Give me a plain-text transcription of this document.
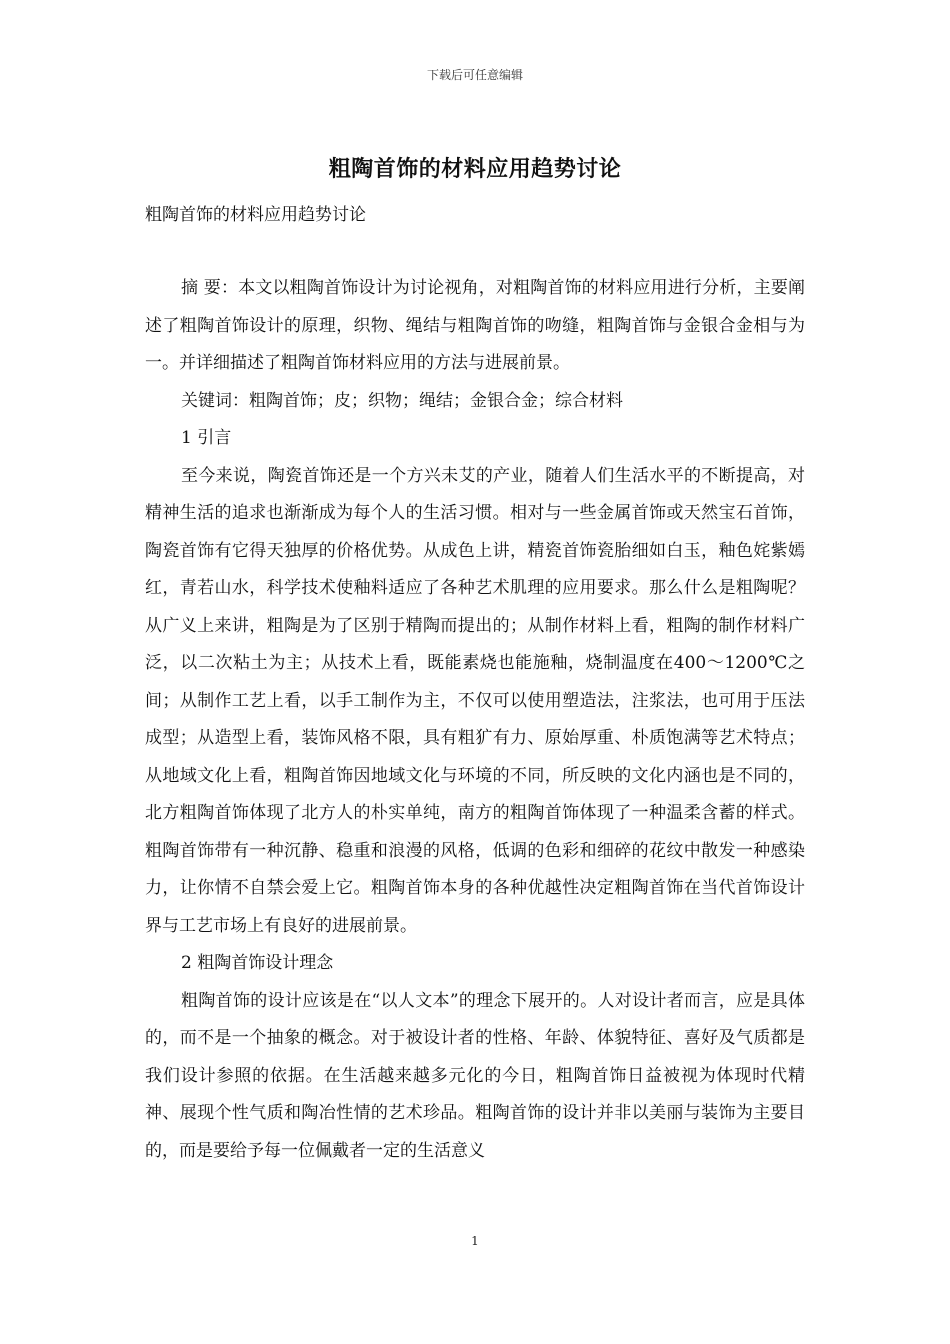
下载后可任意编辑
粗陶首饰的材料应用趋势讨论
粗陶首饰的材料应用趋势讨论

摘 要：本文以粗陶首饰设计为讨论视角，对粗陶首饰的材料应用进行分析，主要阐述了粗陶首饰设计的原理，织物、绳结与粗陶首饰的吻缝，粗陶首饰与金银合金相与为一。并详细描述了粗陶首饰材料应用的方法与进展前景。

关键词：粗陶首饰；皮；织物；绳结；金银合金；综合材料

1 引言

至今来说，陶瓷首饰还是一个方兴未艾的产业，随着人们生活水平的不断提高，对精神生活的追求也渐渐成为每个人的生活习惯。相对与一些金属首饰或天然宝石首饰，陶瓷首饰有它得天独厚的价格优势。从成色上讲，精瓷首饰瓷胎细如白玉，釉色姹紫嫣红，青若山水，科学技术使釉料适应了各种艺术肌理的应用要求。那么什么是粗陶呢？从广义上来讲，粗陶是为了区别于精陶而提出的；从制作材料上看，粗陶的制作材料广泛，以二次粘土为主；从技术上看，既能素烧也能施釉，烧制温度在400～1200℃之间；从制作工艺上看，以手工制作为主，不仅可以使用塑造法，注浆法，也可用于压法成型；从造型上看，装饰风格不限，具有粗犷有力、原始厚重、朴质饱满等艺术特点；从地域文化上看，粗陶首饰因地域文化与环境的不同，所反映的文化内涵也是不同的，北方粗陶首饰体现了北方人的朴实单纯，南方的粗陶首饰体现了一种温柔含蓄的样式。粗陶首饰带有一种沉静、稳重和浪漫的风格，低调的色彩和细碎的花纹中散发一种感染力，让你情不自禁会爱上它。粗陶首饰本身的各种优越性决定粗陶首饰在当代首饰设计界与工艺市场上有良好的进展前景。

2 粗陶首饰设计理念

粗陶首饰的设计应该是在“以人文本”的理念下展开的。人对设计者而言，应是具体的，而不是一个抽象的概念。对于被设计者的性格、年龄、体貌特征、喜好及气质都是我们设计参照的依据。在生活越来越多元化的今日，粗陶首饰日益被视为体现时代精神、展现个性气质和陶冶性情的艺术珍品。粗陶首饰的设计并非以美丽与装饰为主要目的，而是要给予每一位佩戴者一定的生活意义

1
